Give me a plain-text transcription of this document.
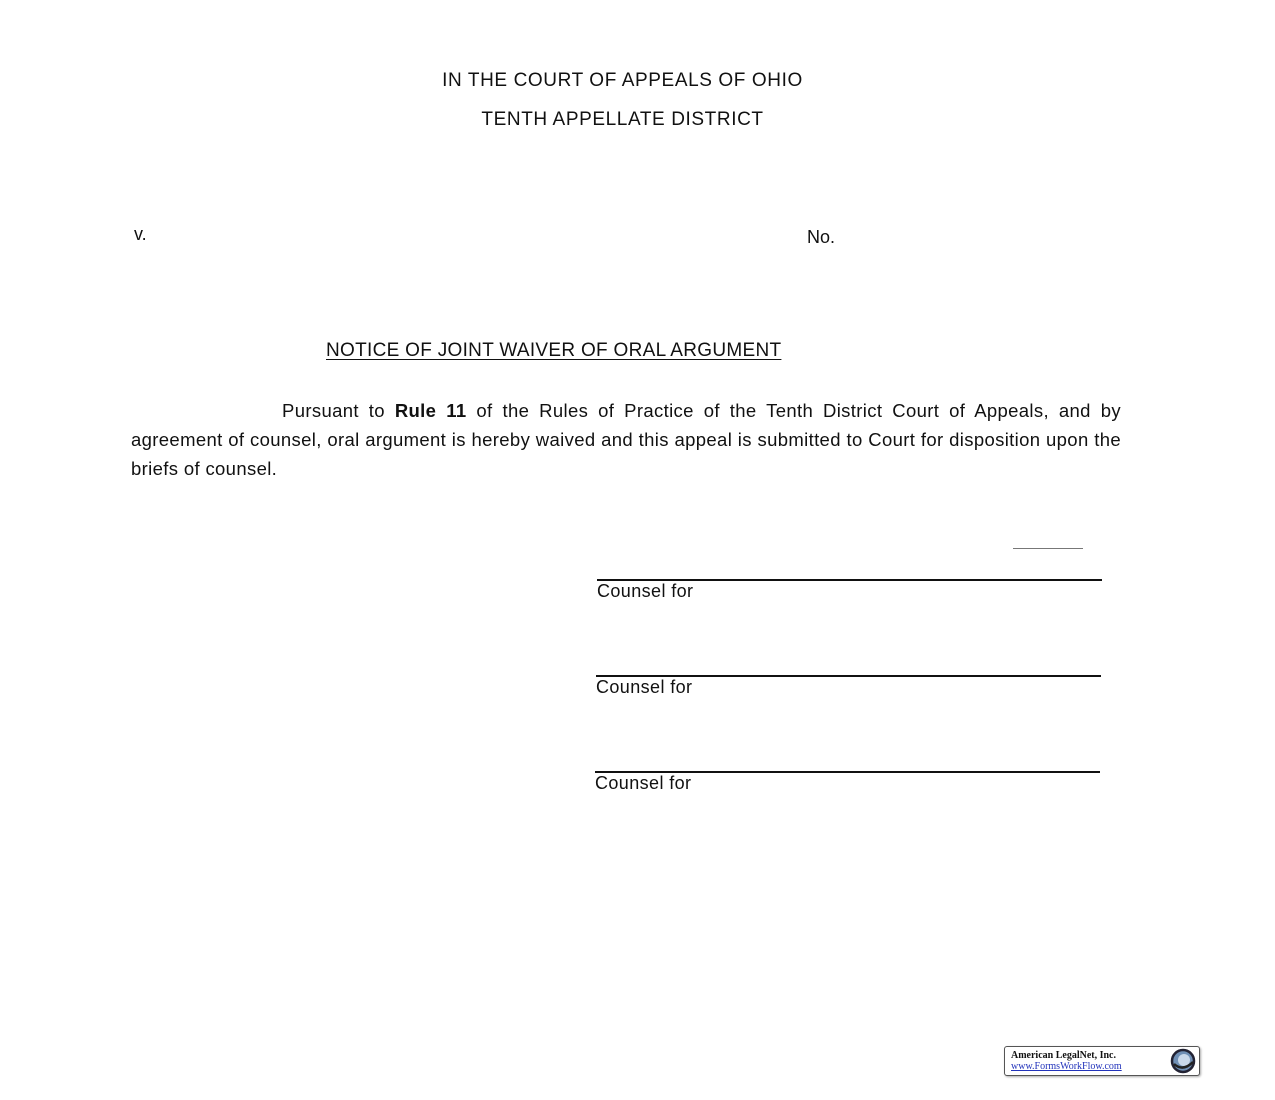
IN THE COURT OF APPEALS OF OHIO
TENTH APPELLATE DISTRICT
v.	No.
NOTICE OF JOINT WAIVER OF ORAL ARGUMENT
Pursuant to Rule 11 of the Rules of Practice of the Tenth District Court of Appeals, and by agreement of counsel, oral argument is hereby waived and this appeal is submitted to Court for disposition upon the briefs of counsel.
Counsel for
Counsel for
Counsel for
American LegalNet, Inc.
www.FormsWorkFlow.com
